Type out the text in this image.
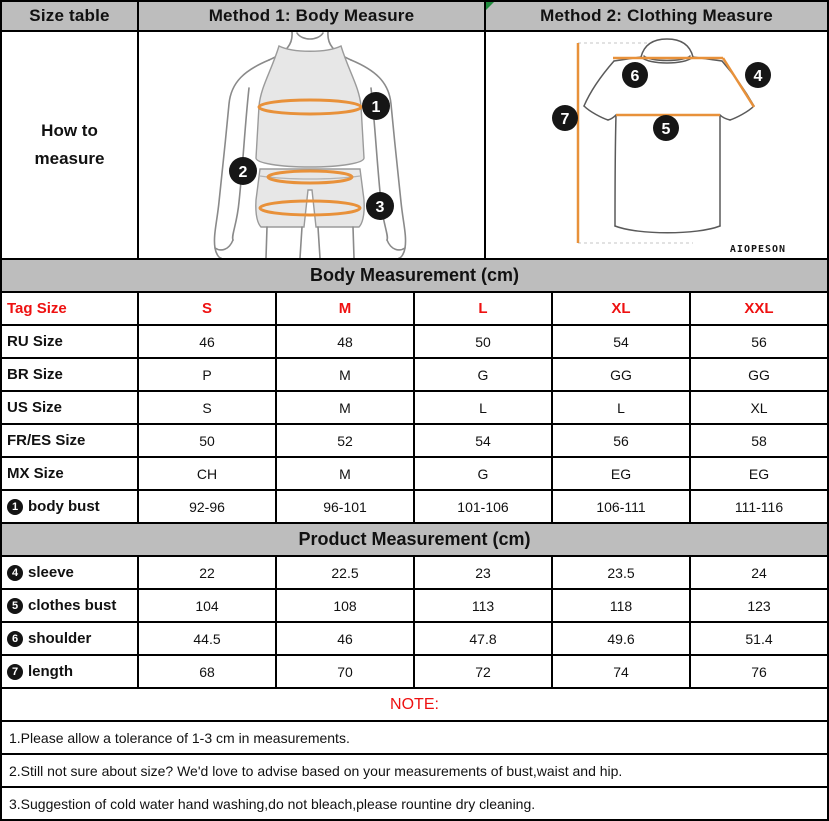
Size table	Method 1: Body Measure	Method 2: Clothing Measure
How to measure
1
2
3
6	4
7
5
AIOPESON
Body Measurement (cm)
Tag Size	S	M	L	XL	XXL
RU Size	46	48	50	54	56
BR Size	P	M	G	GG	GG
US Size	S	M	L	L	XL
FR/ES Size	50	52	54	56	58
MX Size	CH	M	G	EG	EG
1 body bust	92-96	96-101	101-106	106-111	111-116
Product Measurement (cm)
4 sleeve	22	22.5	23	23.5	24
5 clothes bust	104	108	113	118	123
6 shoulder	44.5	46	47.8	49.6	51.4
7 length	68	70	72	74	76
NOTE:
1.Please allow a tolerance of 1-3 cm in measurements.
2.Still not sure about size? We'd love to advise based on your measurements of bust,waist and hip.
3.Suggestion of cold water hand washing,do not bleach,please rountine dry cleaning.
